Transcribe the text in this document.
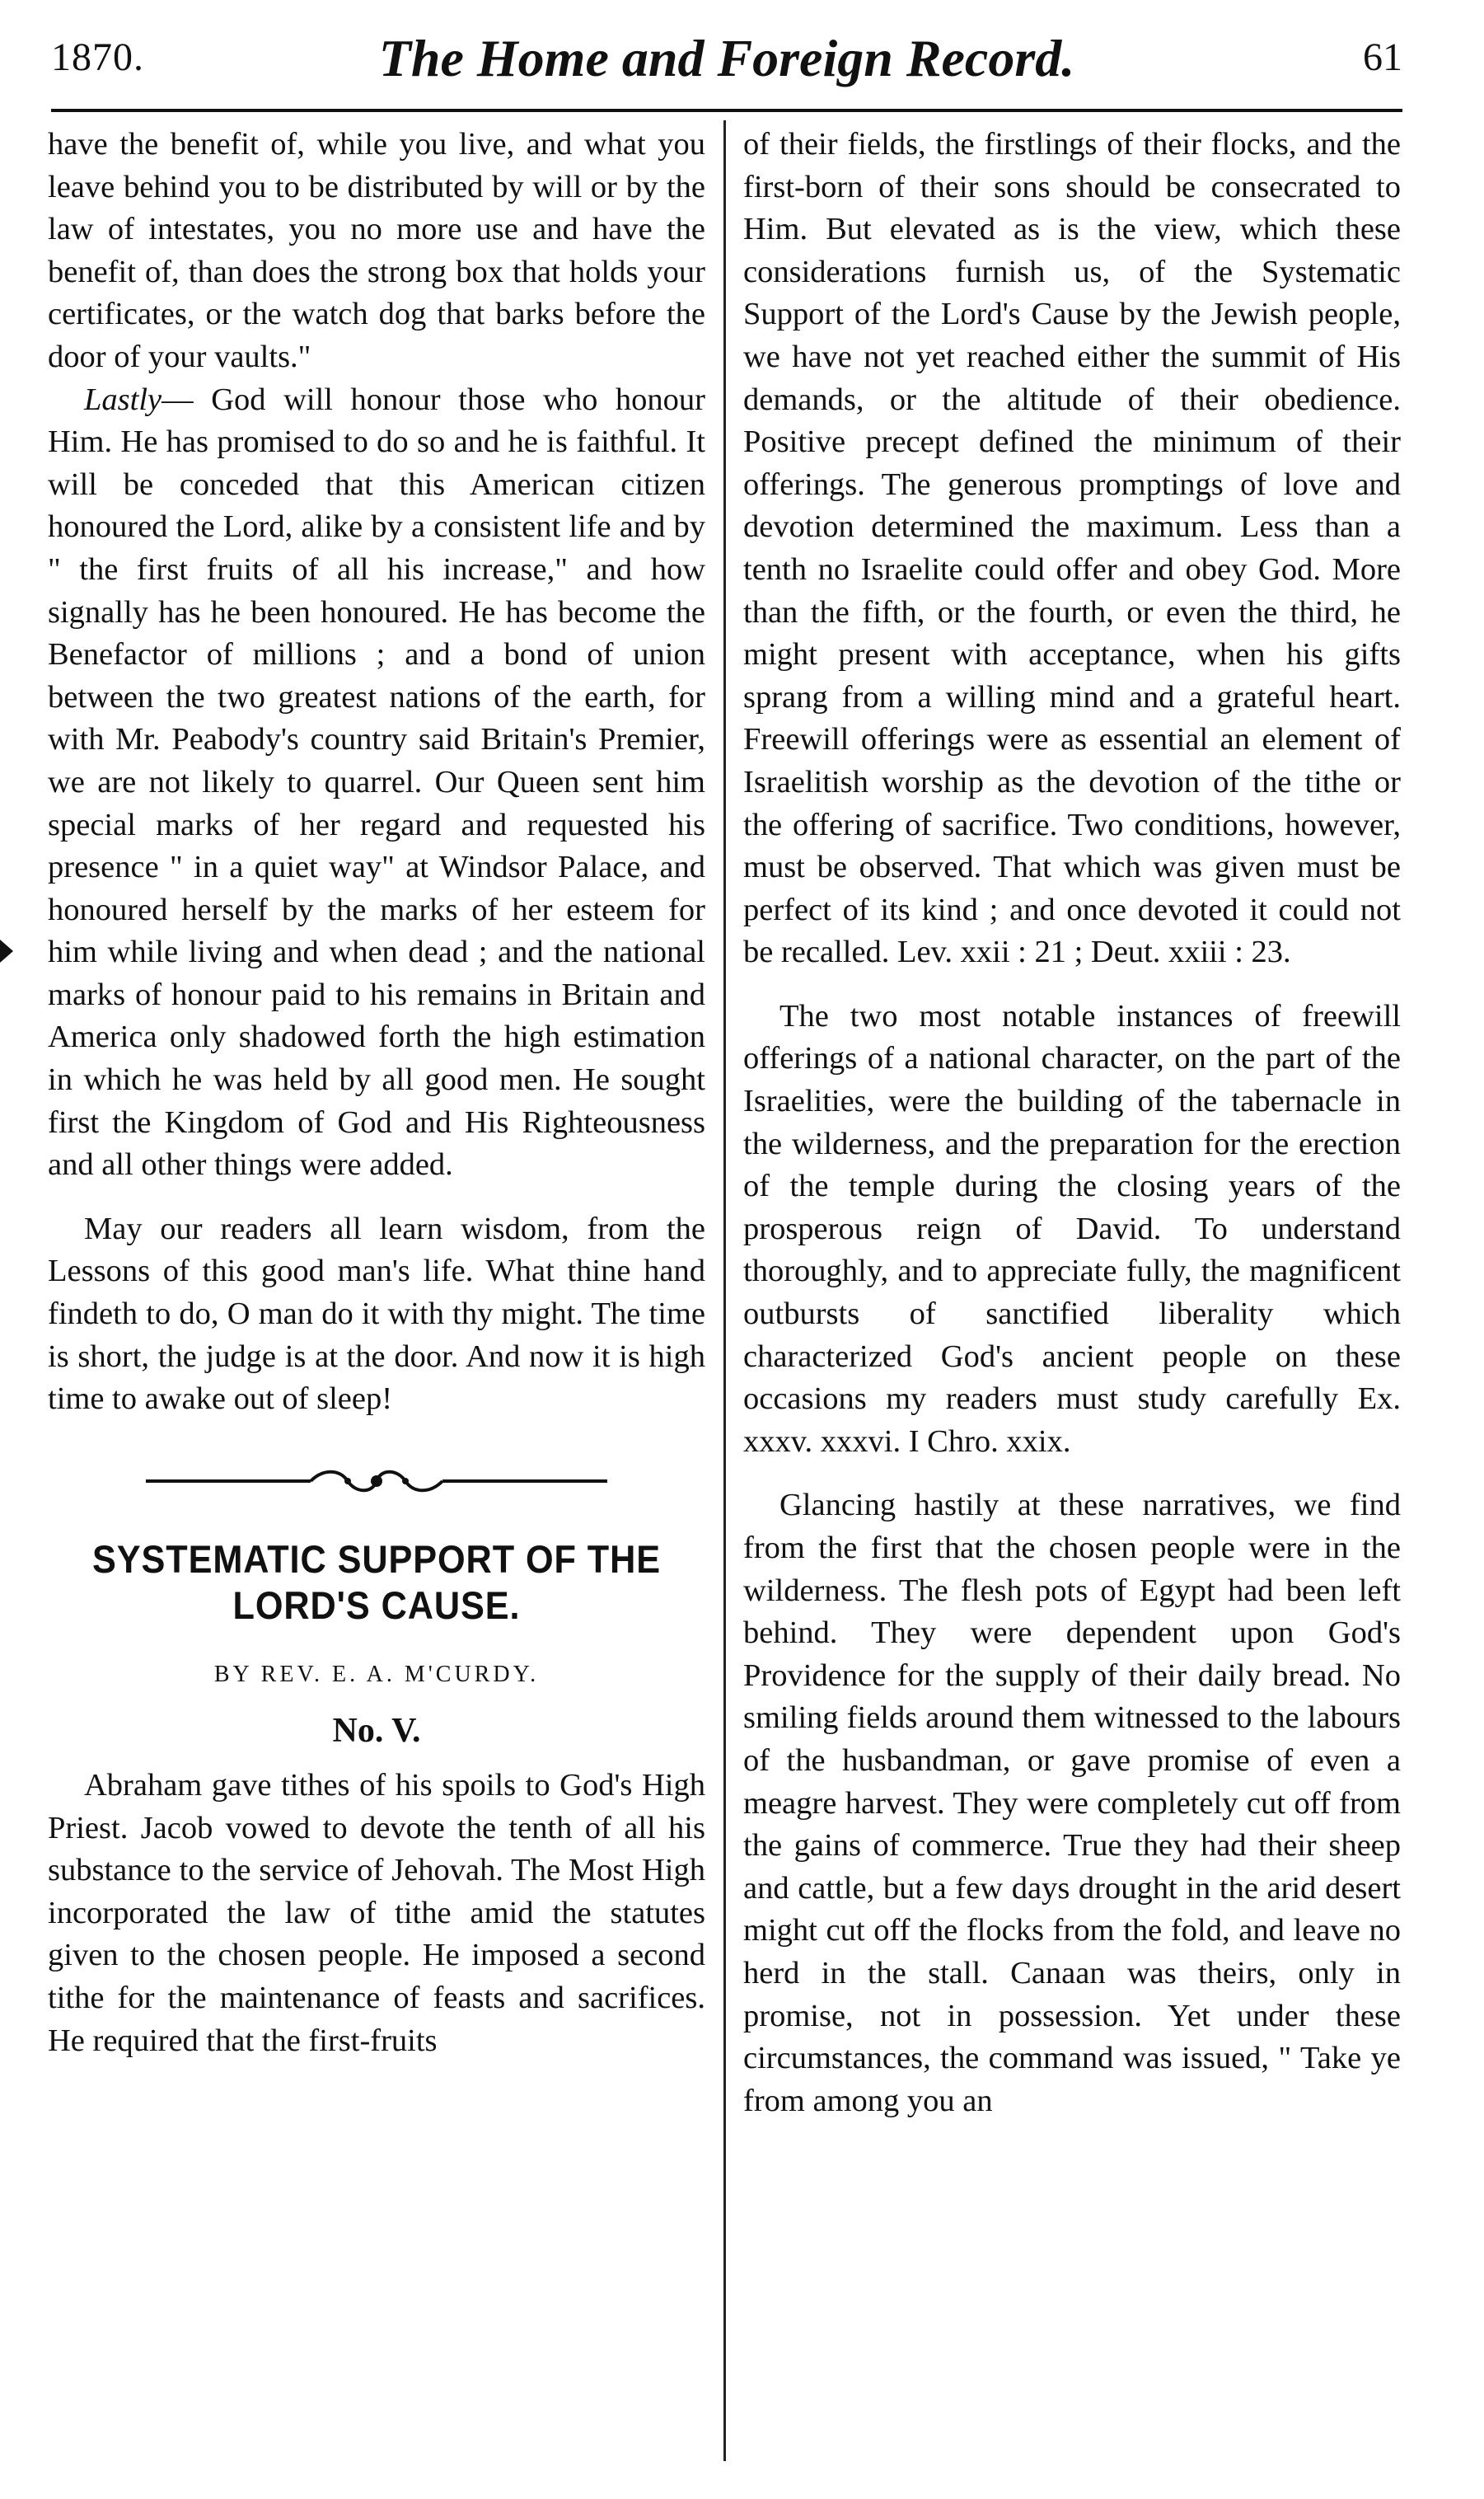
1870.	The Home and Foreign Record.	61

have the benefit of, while you live, and what you leave behind you to be distributed by will or by the law of intestates, you no more use and have the benefit of, than does the strong box that holds your certificates, or the watch dog that barks before the door of your vaults."

Lastly— God will honour those who honour Him. He has promised to do so and he is faithful. It will be conceded that this American citizen honoured the Lord, alike by a consistent life and by " the first fruits of all his increase," and how signally has he been honoured. He has become the Benefactor of millions ; and a bond of union between the two greatest nations of the earth, for with Mr. Peabody's country said Britain's Premier, we are not likely to quarrel. Our Queen sent him special marks of her regard and requested his presence " in a quiet way" at Windsor Palace, and honoured herself by the marks of her esteem for him while living and when dead ; and the national marks of honour paid to his remains in Britain and America only shadowed forth the high estimation in which he was held by all good men. He sought first the Kingdom of God and His Righteousness and all other things were added.

May our readers all learn wisdom, from the Lessons of this good man's life. What thine hand findeth to do, O man do it with thy might. The time is short, the judge is at the door. And now it is high time to awake out of sleep!

SYSTEMATIC SUPPORT OF THE LORD'S CAUSE.
BY REV. E. A. M'CURDY.
No. V.

Abraham gave tithes of his spoils to God's High Priest. Jacob vowed to devote the tenth of all his substance to the service of Jehovah. The Most High incorporated the law of tithe amid the statutes given to the chosen people. He imposed a second tithe for the maintenance of feasts and sacrifices. He required that the first-fruits

of their fields, the firstlings of their flocks, and the first-born of their sons should be consecrated to Him. But elevated as is the view, which these considerations furnish us, of the Systematic Support of the Lord's Cause by the Jewish people, we have not yet reached either the summit of His demands, or the altitude of their obedience. Positive precept defined the minimum of their offerings. The generous promptings of love and devotion determined the maximum. Less than a tenth no Israelite could offer and obey God. More than the fifth, or the fourth, or even the third, he might present with acceptance, when his gifts sprang from a willing mind and a grateful heart. Freewill offerings were as essential an element of Israelitish worship as the devotion of the tithe or the offering of sacrifice. Two conditions, however, must be observed. That which was given must be perfect of its kind ; and once devoted it could not be recalled. Lev. xxii : 21 ; Deut. xxiii : 23.

The two most notable instances of freewill offerings of a national character, on the part of the Israelities, were the building of the tabernacle in the wilderness, and the preparation for the erection of the temple during the closing years of the prosperous reign of David. To understand thoroughly, and to appreciate fully, the magnificent outbursts of sanctified liberality which characterized God's ancient people on these occasions my readers must study carefully Ex. xxxv. xxxvi. I Chro. xxix.

Glancing hastily at these narratives, we find from the first that the chosen people were in the wilderness. The flesh pots of Egypt had been left behind. They were dependent upon God's Providence for the supply of their daily bread. No smiling fields around them witnessed to the labours of the husbandman, or gave promise of even a meagre harvest. They were completely cut off from the gains of commerce. True they had their sheep and cattle, but a few days drought in the arid desert might cut off the flocks from the fold, and leave no herd in the stall. Canaan was theirs, only in promise, not in possession. Yet under these circumstances, the command was issued, " Take ye from among you an
